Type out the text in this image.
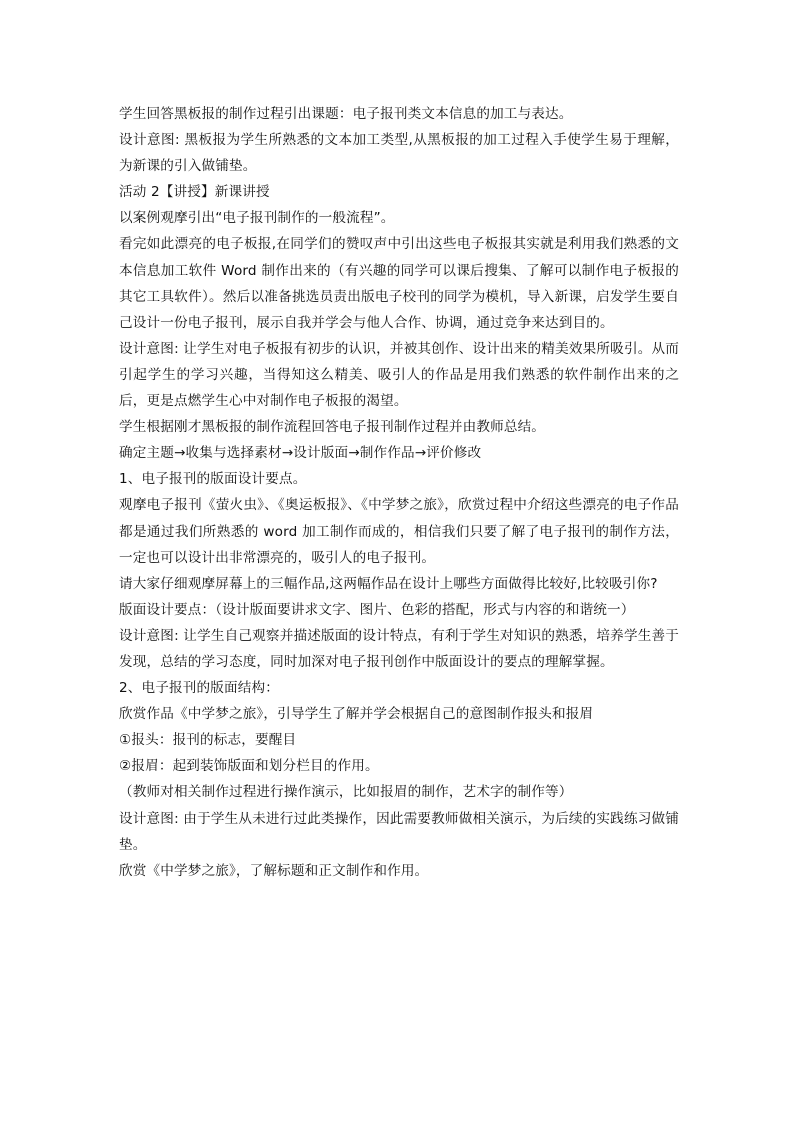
学生回答黑板报的制作过程引出课题：电子报刊类文本信息的加工与表达。

设计意图: 黑板报为学生所熟悉的文本加工类型,从黑板报的加工过程入手使学生易于理解，为新课的引入做铺垫。

活动 2【讲授】新课讲授

以案例观摩引出“电子报刊制作的一般流程”。

看完如此漂亮的电子板报,在同学们的赞叹声中引出这些电子板报其实就是利用我们熟悉的文本信息加工软件 Word 制作出来的（有兴趣的同学可以课后搜集、了解可以制作电子板报的其它工具软件）。然后以准备挑选员责出版电子校刊的同学为模机，导入新课，启发学生要自己设计一份电子报刊，展示自我并学会与他人合作、协调，通过竞争来达到目的。

设计意图: 让学生对电子板报有初步的认识，并被其创作、设计出来的精美效果所吸引。从而引起学生的学习兴趣，当得知这么精美、吸引人的作品是用我们熟悉的软件制作出来的之后，更是点燃学生心中对制作电子板报的渴望。

学生根据刚才黑板报的制作流程回答电子报刊制作过程并由教师总结。

确定主题→收集与选择素材→设计版面→制作作品→评价修改

1、电子报刊的版面设计要点。

观摩电子报刊《萤火虫》、《奥运板报》、《中学梦之旅》，欣赏过程中介绍这些漂亮的电子作品都是通过我们所熟悉的 word 加工制作而成的，相信我们只要了解了电子报刊的制作方法，一定也可以设计出非常漂亮的，吸引人的电子报刊。

请大家仔细观摩屏幕上的三幅作品,这两幅作品在设计上哪些方面做得比较好,比较吸引你?

版面设计要点：（设计版面要讲求文字、图片、色彩的搭配，形式与内容的和谐统一）

设计意图: 让学生自己观察并描述版面的设计特点，有利于学生对知识的熟悉，培养学生善于发现，总结的学习态度，同时加深对电子报刊创作中版面设计的要点的理解掌握。

2、电子报刊的版面结构：

欣赏作品《中学梦之旅》，引导学生了解并学会根据自己的意图制作报头和报眉

①报头：报刊的标志，要醒目

②报眉：起到装饰版面和划分栏目的作用。

（教师对相关制作过程进行操作演示，比如报眉的制作，艺术字的制作等）

设计意图: 由于学生从未进行过此类操作，因此需要教师做相关演示，为后续的实践练习做铺垫。

欣赏《中学梦之旅》，了解标题和正文制作和作用。
